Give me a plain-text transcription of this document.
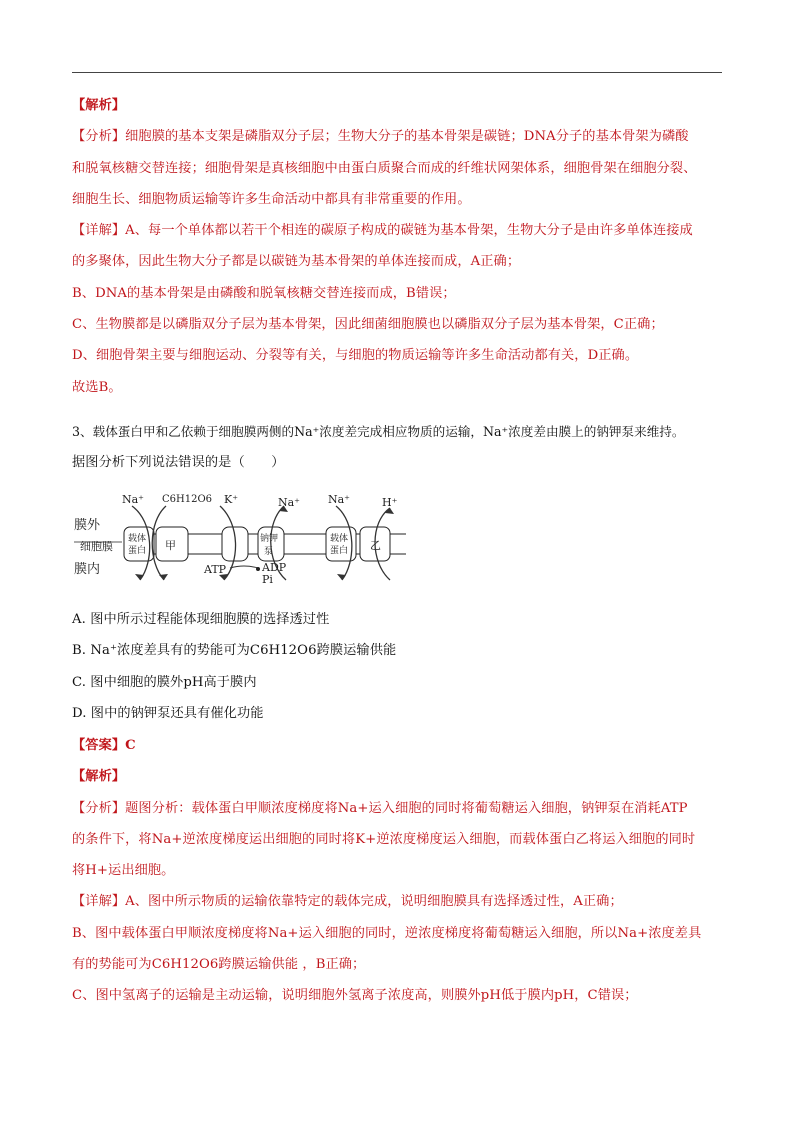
【解析】

【分析】细胞膜的基本支架是磷脂双分子层；生物大分子的基本骨架是碳链；DNA分子的基本骨架为磷酸

和脱氧核糖交替连接；细胞骨架是真核细胞中由蛋白质聚合而成的纤维状网架体系，细胞骨架在细胞分裂、

细胞生长、细胞物质运输等许多生命活动中都具有非常重要的作用。

【详解】A、每一个单体都以若干个相连的碳原子构成的碳链为基本骨架，生物大分子是由许多单体连接成

的多聚体，因此生物大分子都是以碳链为基本骨架的单体连接而成，A正确；

B、DNA的基本骨架是由磷酸和脱氧核糖交替连接而成，B错误；

C、生物膜都是以磷脂双分子层为基本骨架，因此细菌细胞膜也以磷脂双分子层为基本骨架，C正确；

D、细胞骨架主要与细胞运动、分裂等有关，与细胞的物质运输等许多生命活动都有关，D正确。

故选B。

3、载体蛋白甲和乙依赖于细胞膜两侧的Na⁺浓度差完成相应物质的运输，Na⁺浓度差由膜上的钠钾泵来维持。

据图分析下列说法错误的是（　　）

膜外
细胞膜
膜内
载体
蛋白 甲	钠钾
泵
载体
蛋白 乙
Na⁺ C6H12O6 K⁺	Na⁺	Na⁺	H⁺
ATP	ADP
Pi

A. 图中所示过程能体现细胞膜的选择透过性

B. Na⁺浓度差具有的势能可为C6H12O6跨膜运输供能

C. 图中细胞的膜外pH高于膜内

D. 图中的钠钾泵还具有催化功能

【答案】C

【解析】

【分析】题图分析：载体蛋白甲顺浓度梯度将Na+运入细胞的同时将葡萄糖运入细胞，钠钾泵在消耗ATP

的条件下，将Na+逆浓度梯度运出细胞的同时将K+逆浓度梯度运入细胞，而载体蛋白乙将运入细胞的同时

将H+运出细胞。

【详解】A、图中所示物质的运输依靠特定的载体完成，说明细胞膜具有选择透过性，A正确；

B、图中载体蛋白甲顺浓度梯度将Na+运入细胞的同时，逆浓度梯度将葡萄糖运入细胞，所以Na+浓度差具

有的势能可为C6H12O6跨膜运输供能 ，B正确；

C、图中氢离子的运输是主动运输，说明细胞外氢离子浓度高，则膜外pH低于膜内pH，C错误；
